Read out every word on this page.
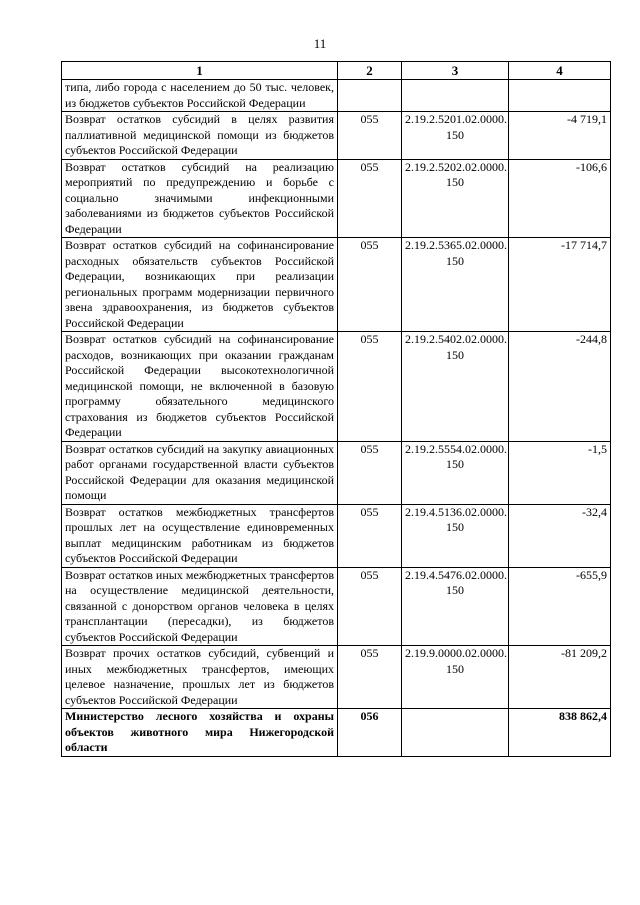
11
1	2	3	4
типа, либо города с населением до 50 тыс. человек, из бюджетов субъектов Российской Федерации			
Возврат остатков субсидий в целях развития паллиативной медицинской помощи из бюджетов субъектов Российской Федерации	055	2.19.2.5201.02.0000. 150	-4 719,1
Возврат остатков субсидий на реализацию мероприятий по предупреждению и борьбе с социально значимыми инфекционными заболеваниями из бюджетов субъектов Российской Федерации	055	2.19.2.5202.02.0000. 150	-106,6
Возврат остатков субсидий на софинансирование расходных обязательств субъектов Российской Федерации, возникающих при реализации региональных программ модернизации первичного звена здравоохранения, из бюджетов субъектов Российской Федерации	055	2.19.2.5365.02.0000. 150	-17 714,7
Возврат остатков субсидий на софинансирование расходов, возникающих при оказании гражданам Российской Федерации высокотехнологичной медицинской помощи, не включенной в базовую программу обязательного медицинского страхования из бюджетов субъектов Российской Федерации	055	2.19.2.5402.02.0000. 150	-244,8
Возврат остатков субсидий на закупку авиационных работ органами государственной власти субъектов Российской Федерации для оказания медицинской помощи	055	2.19.2.5554.02.0000. 150	-1,5
Возврат остатков межбюджетных трансфертов прошлых лет на осуществление единовременных выплат медицинским работникам из бюджетов субъектов Российской Федерации	055	2.19.4.5136.02.0000. 150	-32,4
Возврат остатков иных межбюджетных трансфертов на осуществление медицинской деятельности, связанной с донорством органов человека в целях трансплантации (пересадки), из бюджетов субъектов Российской Федерации	055	2.19.4.5476.02.0000. 150	-655,9
Возврат прочих остатков субсидий, субвенций и иных межбюджетных трансфертов, имеющих целевое назначение, прошлых лет из бюджетов субъектов Российской Федерации	055	2.19.9.0000.02.0000. 150	-81 209,2
Министерство лесного хозяйства и охраны объектов животного мира Нижегородской области	056		838 862,4
